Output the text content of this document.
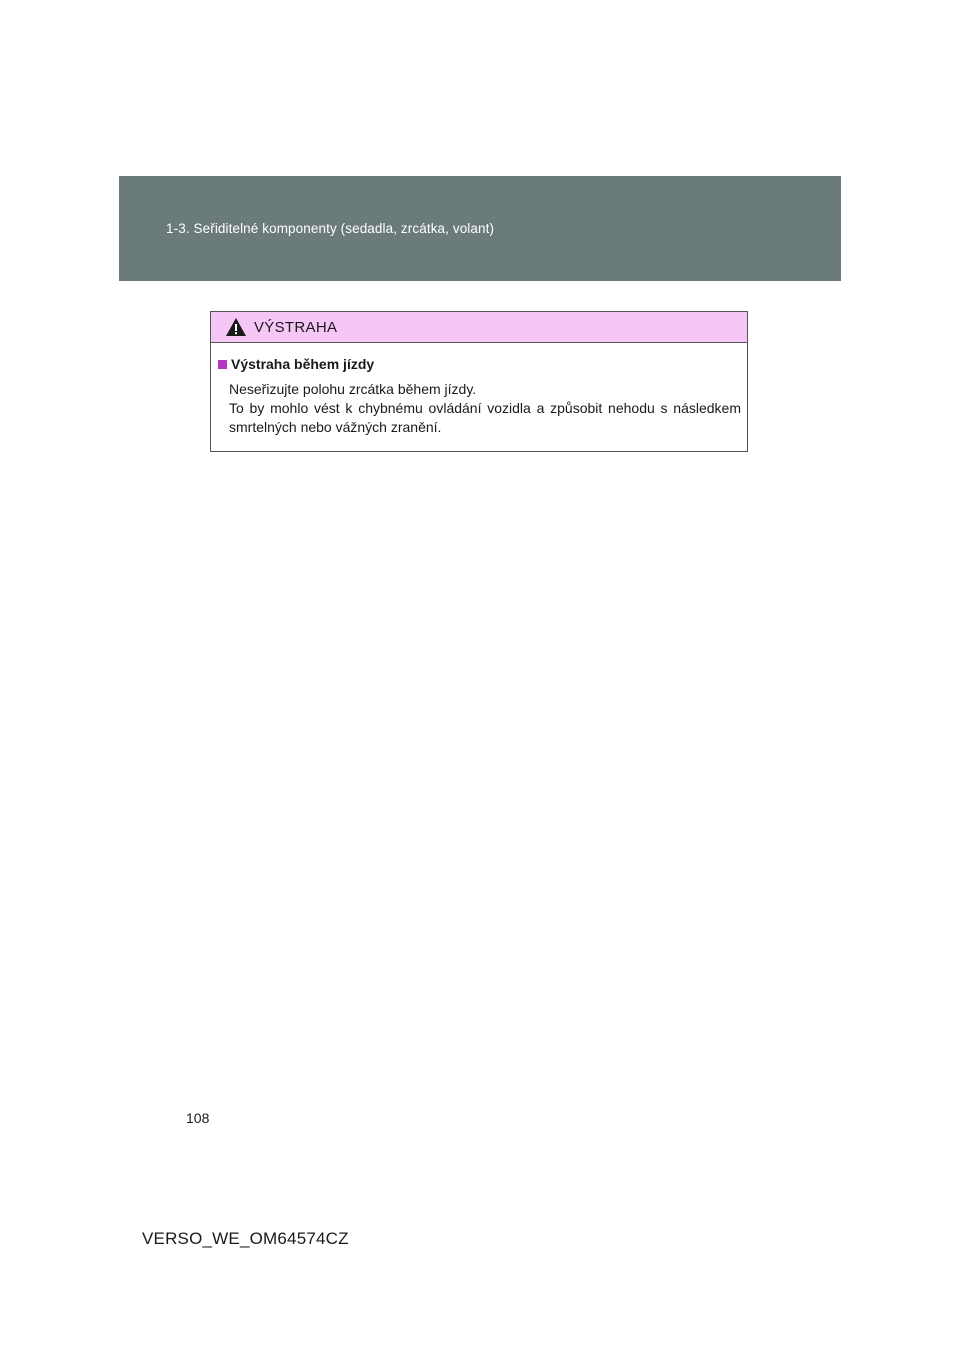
1-3. Seřiditelné komponenty (sedadla, zrcátka, volant)
VÝSTRAHA
Výstraha během jízdy

Neseřizujte polohu zrcátka během jízdy.

To by mohlo vést k chybnému ovládání vozidla a způsobit nehodu s následkem smrtelných nebo vážných zranění.

108
VERSO_WE_OM64574CZ
